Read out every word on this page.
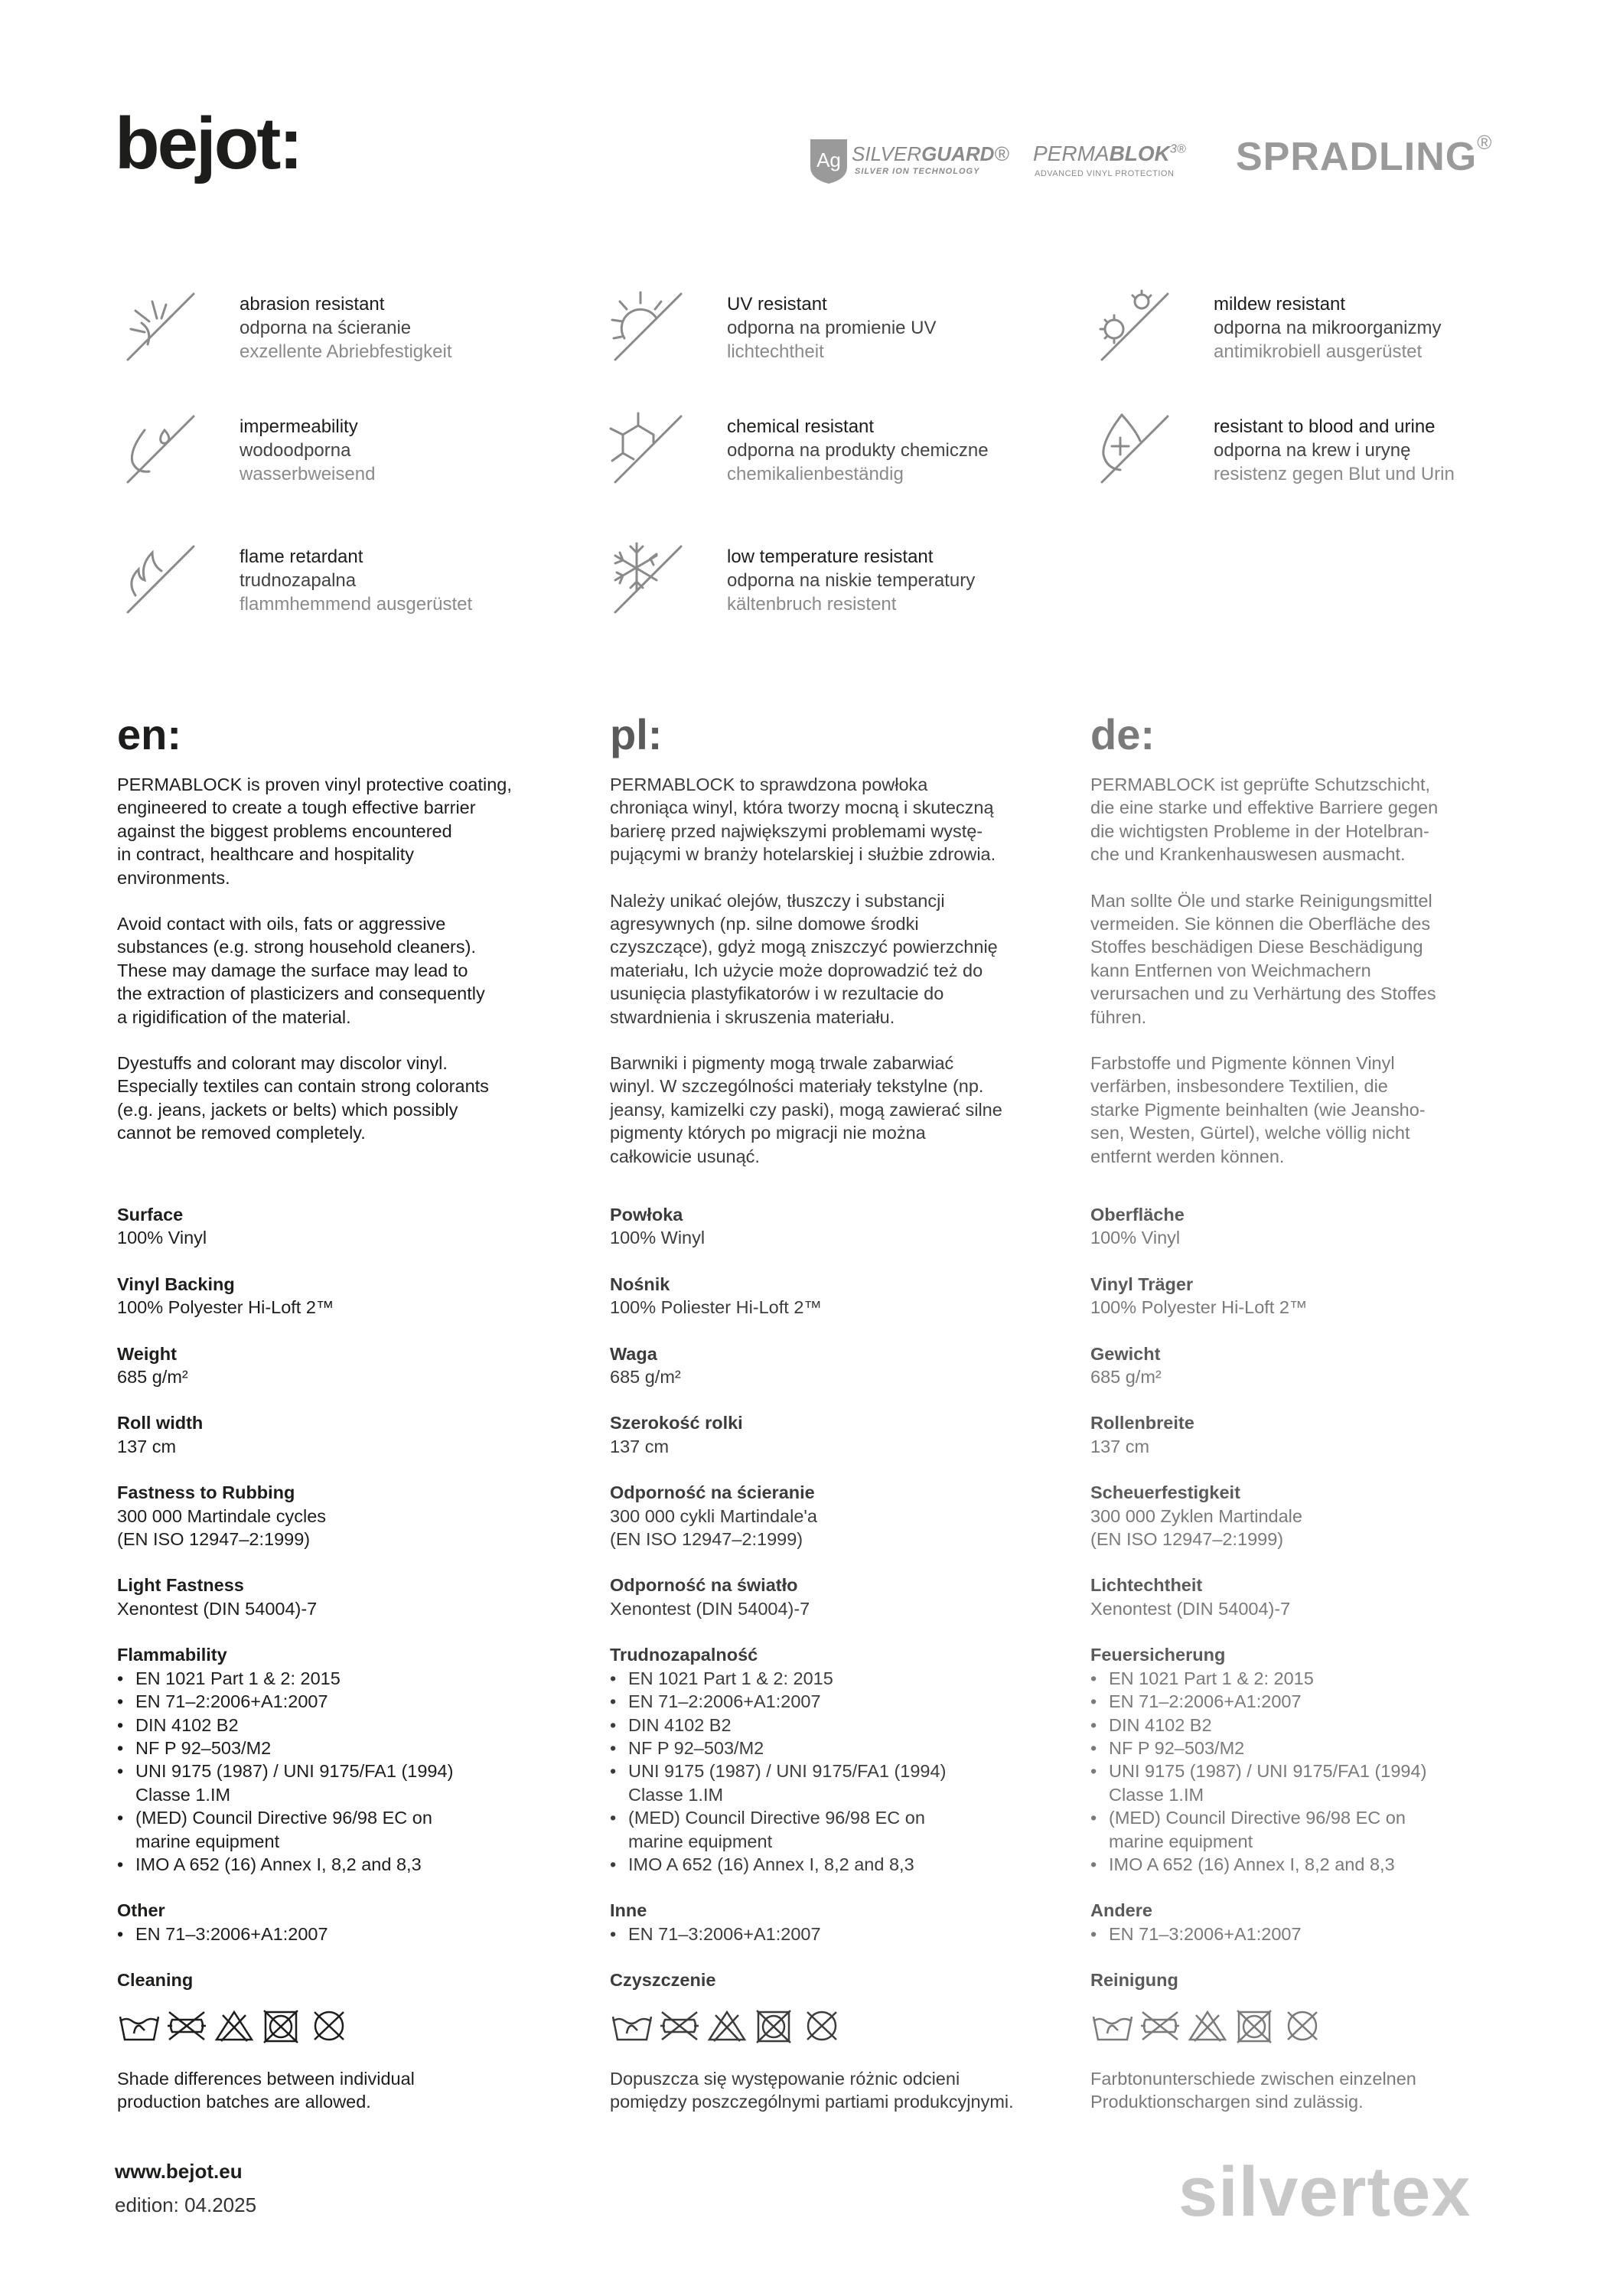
bejot:	Ag SILVERGUARD®
SILVER ION TECHNOLOGY
$PERMABLOK^{3®}$
ADVANCED VINYL PROTECTION SPRADLING®
abrasion resistant
odporna na ścieranie
exzellente Abriebfestigkeit
UV resistant
odporna na promienie UV
lichtechtheit
mildew resistant
odporna na mikroorganizmy
antimikrobiell ausgerüstet
impermeability
wodoodporna
wasserbweisend
chemical resistant
odporna na produkty chemiczne
chemikalienbeständig
resistant to blood and urine
odporna na krew i urynę
resistenz gegen Blut und Urin
flame retardant
trudnozapalna
flammhemmend ausgerüstet
low temperature resistant
odporna na niskie temperatury
kältenbruch resistent
en:
PERMABLOCK is proven vinyl protective coating,
engineered to create a tough effective barrier
against the biggest problems encountered
in contract, healthcare and hospitality
environments.
Avoid contact with oils, fats or aggressive
substances (e.g. strong household cleaners).
These may damage the surface may lead to
the extraction of plasticizers and consequently
a rigidification of the material.
Dyestuffs and colorant may discolor vinyl.
Especially textiles can contain strong colorants
(e.g. jeans, jackets or belts) which possibly
cannot be removed completely.
pl:
PERMABLOCK to sprawdzona powłoka
chroniąca winyl, która tworzy mocną i skuteczną
barierę przed największymi problemami wystę-
pującymi w branży hotelarskiej i służbie zdrowia.
Należy unikać olejów, tłuszczy i substancji
agresywnych (np. silne domowe środki
czyszczące), gdyż mogą zniszczyć powierzchnię
materiału, Ich użycie może doprowadzić też do
usunięcia plastyfikatorów i w rezultacie do
stwardnienia i skruszenia materiału.
Barwniki i pigmenty mogą trwale zabarwiać
winyl. W szczególności materiały tekstylne (np.
jeansy, kamizelki czy paski), mogą zawierać silne
pigmenty których po migracji nie można
całkowicie usunąć.
de:
PERMABLOCK ist geprüfte Schutzschicht,
die eine starke und effektive Barriere gegen
die wichtigsten Probleme in der Hotelbran-
che und Krankenhauswesen ausmacht.
Man sollte Öle und starke Reinigungsmittel
vermeiden. Sie können die Oberfläche des
Stoffes beschädigen Diese Beschädigung
kann Entfernen von Weichmachern
verursachen und zu Verhärtung des Stoffes
führen.
Farbstoffe und Pigmente können Vinyl
verfärben, insbesondere Textilien, die
starke Pigmente beinhalten (wie Jeansho-
sen, Westen, Gürtel), welche völlig nicht
entfernt werden können.
Surface
100% Vinyl
Vinyl Backing
100% Polyester Hi-Loft 2™
Weight
685 g/m²
Roll width
137 cm
Fastness to Rubbing
300 000 Martindale cycles
(EN ISO 12947–2:1999)
Light Fastness
Xenontest (DIN 54004)-7
Flammability
• EN 1021 Part 1 & 2: 2015
• EN 71–2:2006+A1:2007
• DIN 4102 B2
• NF P 92–503/M2
• UNI 9175 (1987) / UNI 9175/FA1 (1994)
Classe 1.IM
• (MED) Council Directive 96/98 EC on
marine equipment
• IMO A 652 (16) Annex I, 8,2 and 8,3
Other
• EN 71–3:2006+A1:2007
Cleaning
Shade differences between individual
production batches are allowed.
Powłoka
100% Winyl
Nośnik
100% Poliester Hi-Loft 2™
Waga
685 g/m²
Szerokość rolki
137 cm
Odporność na ścieranie
300 000 cykli Martindale'a
(EN ISO 12947–2:1999)
Odporność na światło
Xenontest (DIN 54004)-7
Trudnozapalność
• EN 1021 Part 1 & 2: 2015
• EN 71–2:2006+A1:2007
• DIN 4102 B2
• NF P 92–503/M2
• UNI 9175 (1987) / UNI 9175/FA1 (1994)
Classe 1.IM
• (MED) Council Directive 96/98 EC on
marine equipment
• IMO A 652 (16) Annex I, 8,2 and 8,3
Inne
• EN 71–3:2006+A1:2007
Czyszczenie
Dopuszcza się występowanie różnic odcieni
pomiędzy poszczególnymi partiami produkcyjnymi.
Oberfläche
100% Vinyl
Vinyl Träger
100% Polyester Hi-Loft 2™
Gewicht
685 g/m²
Rollenbreite
137 cm
Scheuerfestigkeit
300 000 Zyklen Martindale
(EN ISO 12947–2:1999)
Lichtechtheit
Xenontest (DIN 54004)-7
Feuersicherung
• EN 1021 Part 1 & 2: 2015
• EN 71–2:2006+A1:2007
• DIN 4102 B2
• NF P 92–503/M2
• UNI 9175 (1987) / UNI 9175/FA1 (1994)
Classe 1.IM
• (MED) Council Directive 96/98 EC on
marine equipment
• IMO A 652 (16) Annex I, 8,2 and 8,3
Andere
• EN 71–3:2006+A1:2007
Reinigung
Farbtonunterschiede zwischen einzelnen
Produktionschargen sind zulässig.
www.bejot.eu
edition: 04.2025	silvertex
